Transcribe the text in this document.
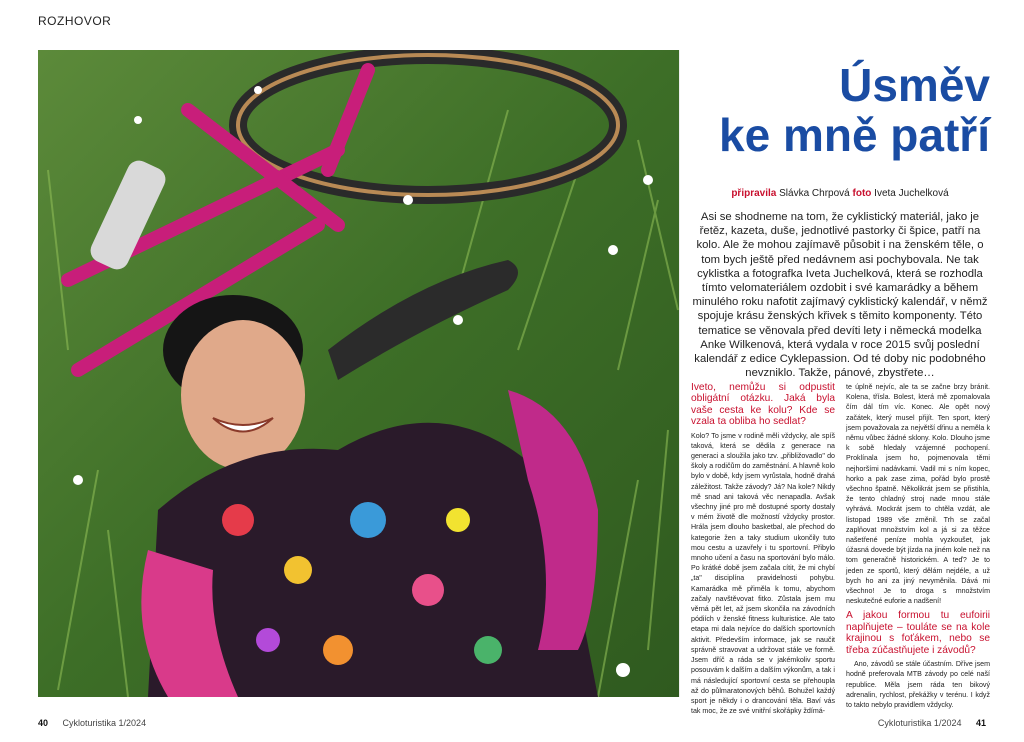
ROZHOVOR
Úsměv
ke mně patří
připravila Slávka Chrpová foto Iveta Juchelková
Asi se shodneme na tom, že cyklistický materiál, jako je řetěz, kazeta, duše, jednotlivé pastorky či špice, patří na kolo. Ale že mohou zajímavě působit i na ženském těle, o tom bych ještě před nedávnem asi pochybovala. Ne tak cyklistka a fotografka Iveta Juchelková, která se rozhodla tímto velomateriálem ozdobit i své kamarádky a během minulého roku nafotit zajímavý cyklistický kalendář, v němž spojuje krásu ženských křivek s těmito komponenty. Této tematice se věnovala před devíti lety i německá modelka Anke Wilkenová, která vydala v roce 2015 svůj poslední kalendář z edice Cyklepassion. Od té doby nic podobného nevzniklo. Takže, pánové, zbystřete…
Iveto, nemůžu si odpustit obligátní otázku. Jaká byla vaše cesta ke kolu? Kde se vzala ta obliba ho sedlat?

Kolo? To jsme v rodině měli vždycky, ale spíš taková, která se dědila z generace na generaci a sloužila jako tzv. „přibližovadlo" do školy a rodičům do zaměstnání. A hlavně kolo bylo v době, kdy jsem vyrůstala, hodně drahá záležitost. Takže závody? Já? Na kole? Nikdy mě snad ani taková věc nenapadla. Avšak všechny jiné pro mě dostupné sporty dostaly v mém životě dle možností vždycky prostor. Hrála jsem dlouho basketbal, ale přechod do kategorie žen a taky studium ukončily tuto mou cestu a uzavřely i tu sportovní. Přibylo mnoho učení a času na sportování bylo málo. Po krátké době jsem začala cítit, že mi chybí „ta" disciplína pravidelnosti pohybu. Kamarádka mě přiměla k tomu, abychom začaly navštěvovat fitko. Zůstala jsem mu věrná pět let, až jsem skončila na závodních pódiích v ženské fitness kulturistice. Ale tato etapa mi dala nejvíce do dalších sportovních aktivit. Především informace, jak se naučit správně stravovat a udržovat stále ve formě. Jsem dříč a ráda se v jakémkoliv sportu posouvám k dalším a dalším výkonům, a tak i má následující sportovní cesta se přehoupla až do půlmaratonových běhů. Bohužel každý sport je někdy i o drancování těla. Baví vás tak moc, že ze své vnitřní skořápky ždímá-

te úplně nejvíc, ale ta se začne brzy bránit. Kolena, třísla. Bolest, která mě zpomalovala čím dál tím víc. Konec. Ale opět nový začátek, který musel přijít. Ten sport, který jsem považovala za největší dřinu a neměla k němu vůbec žádné sklony. Kolo. Dlouho jsme k sobě hledaly vzájemné pochopení. Proklínala jsem ho, pojmenovala těmi nejhoršími nadávkami. Vadil mi s ním kopec, horko a pak zase zima, pořád bylo prostě všechno špatně. Několikrát jsem se přistihla, že tento chladný stroj nade mnou stále vyhrává. Mockrát jsem to chtěla vzdát, ale listopad 1989 vše změnil. Trh se začal zaplňovat množstvím kol a já si za těžce našetřené peníze mohla vyzkoušet, jak úžasná dovede být jízda na jiném kole než na tom generačně historickém. A teď? Je to jeden ze sportů, který dělám nejdéle, a už bych ho ani za jiný nevyměnila. Dává mi všechno! Je to droga s množstvím neskutečné euforie a nadšení!

A jakou formou tu eufoirii naplňujete – touláte se na kole krajinou s foťákem, nebo se třeba zúčastňujete i závodů?

Ano, závodů se stále účastním. Dříve jsem hodně preferovala MTB závody po celé naší republice. Měla jsem ráda ten bikový adrenalin, rychlost, překážky v terénu. I když to takto nebylo pravidlem vždycky.

40 Cykloturistika 1/2024	Cykloturistika 1/2024 41
